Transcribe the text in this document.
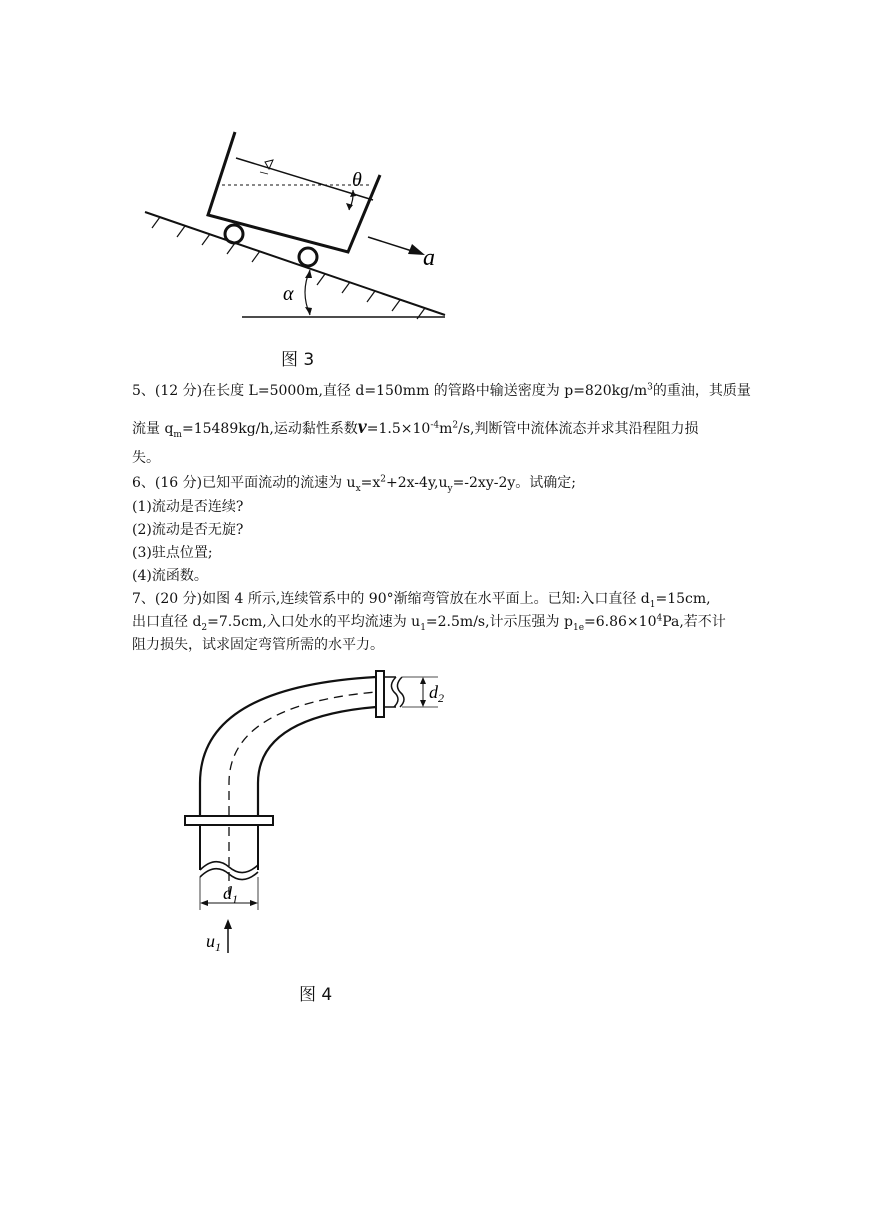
θ
a
α
图 3
5、(12 分)在长度 L=5000m,直径 d=150mm 的管路中输送密度为 $p=820kg/m^3$的重油，其质量
流量 $q_m=15489kg/h$,运动黏性系数$\nu=1.5\times 10^{-4}m^2/s$,判断管中流体流态并求其沿程阻力损
失。
6、(16 分)已知平面流动的流速为 $u_x=x^2+2x-4y,u_y=-2xy-2y$。试确定;
(1)流动是否连续?
(2)流动是否无旋?
(3)驻点位置;
(4)流函数。
7、(20 分)如图 4 所示,连续管系中的 90°渐缩弯管放在水平面上。已知:入口直径 $d_1=15cm$,
出口直径 $d_2=7.5cm$,入口处水的平均流速为 $u_1=2.5m/s$,计示压强为 $p_{1e}=6.86\times 10^4Pa$,若不计
阻力损失，试求固定弯管所需的水平力。
$d_2$
$d_1$
$u_1$
图 4
